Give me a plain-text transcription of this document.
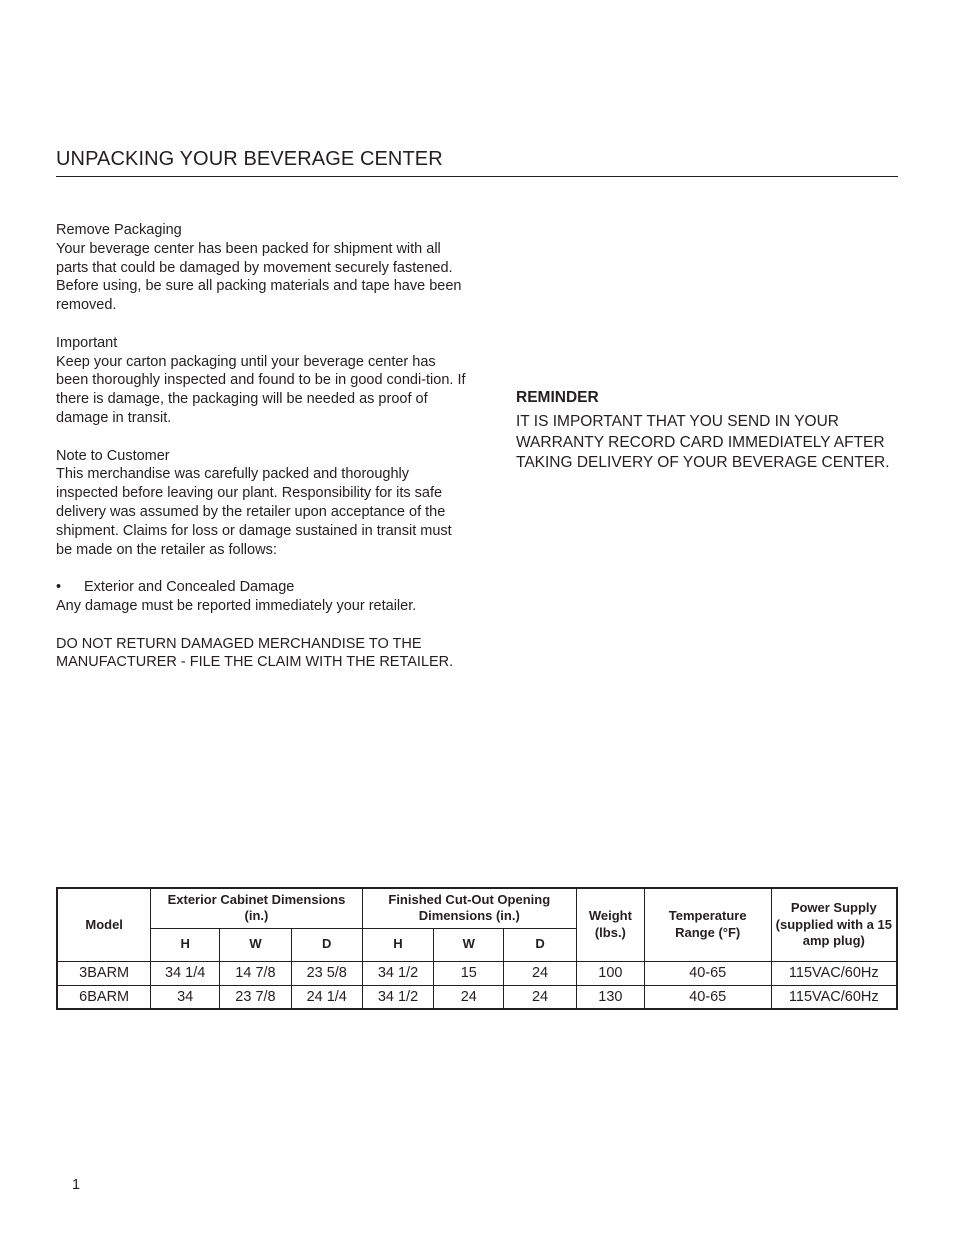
UNPACKING YOUR BEVERAGE CENTER
Remove Packaging
Your beverage center has been packed for shipment with all parts that could be damaged by movement securely fastened. Before using, be sure all packing materials and tape have been removed.
Important
Keep your carton packaging until your beverage center has been thoroughly inspected and found to be in good condi-tion. If there is damage, the packaging will be needed as proof of damage in transit.
Note to Customer
This merchandise was carefully packed and thoroughly inspected before leaving our plant. Responsibility for its safe delivery was assumed by the retailer upon acceptance of the shipment. Claims for loss or damage sustained in transit must be made on the retailer as follows:
•	Exterior and Concealed Damage
Any damage must be reported immediately your retailer.
DO NOT RETURN DAMAGED MERCHANDISE TO THE MANUFACTURER - FILE THE CLAIM WITH THE RETAILER.
REMINDER
IT IS IMPORTANT THAT YOU SEND IN YOUR WARRANTY RECORD CARD IMMEDIATELY AFTER TAKING DELIVERY OF YOUR BEVERAGE CENTER.
Model	Exterior Cabinet Dimensions (in.)			Finished Cut-Out Opening Dimensions (in.)			Weight (lbs.)	Temperature Range (°F)	Power Supply (supplied with a 15 amp plug)
	H	W	D	H	W	D			
3BARM	34 1/4	14 7/8	23 5/8	34 1/2	15	24	100	40-65	115VAC/60Hz
6BARM	34	23 7/8	24 1/4	34 1/2	24	24	130	40-65	115VAC/60Hz
1
